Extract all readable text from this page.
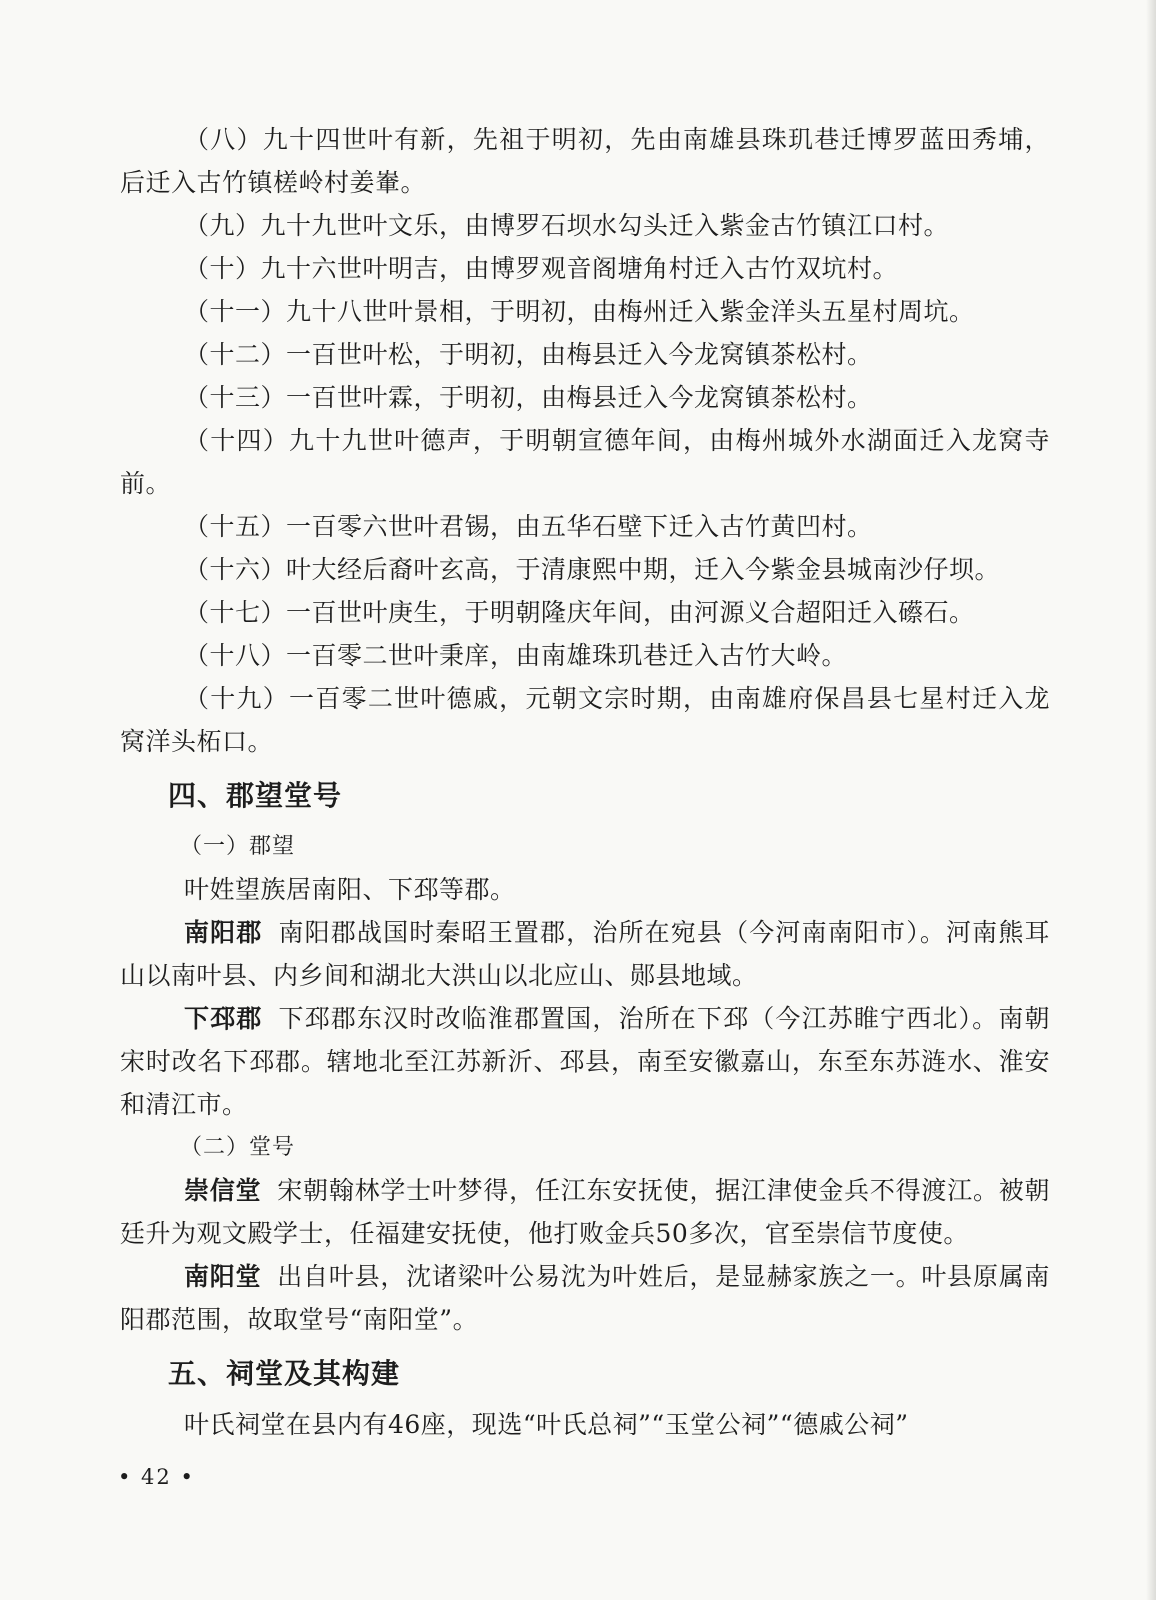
（八）九十四世叶有新，先祖于明初，先由南雄县珠玑巷迁博罗蓝田秀埔，后迁入古竹镇槎岭村姜輋。

（九）九十九世叶文乐，由博罗石坝水勾头迁入紫金古竹镇江口村。

（十）九十六世叶明吉，由博罗观音阁塘角村迁入古竹双坑村。

（十一）九十八世叶景相，于明初，由梅州迁入紫金洋头五星村周坑。

（十二）一百世叶松，于明初，由梅县迁入今龙窝镇茶松村。

（十三）一百世叶霖，于明初，由梅县迁入今龙窝镇茶松村。

（十四）九十九世叶德声，于明朝宣德年间，由梅州城外水湖面迁入龙窝寺前。

（十五）一百零六世叶君锡，由五华石壁下迁入古竹黄凹村。

（十六）叶大经后裔叶玄高，于清康熙中期，迁入今紫金县城南沙仔坝。

（十七）一百世叶庚生，于明朝隆庆年间，由河源义合超阳迁入礤石。

（十八）一百零二世叶秉庠，由南雄珠玑巷迁入古竹大岭。

（十九）一百零二世叶德戚，元朝文宗时期，由南雄府保昌县七星村迁入龙窝洋头柘口。

四、郡望堂号

（一）郡望

叶姓望族居南阳、下邳等郡。

南阳郡 南阳郡战国时秦昭王置郡，治所在宛县（今河南南阳市）。河南熊耳山以南叶县、内乡间和湖北大洪山以北应山、郧县地域。

下邳郡 下邳郡东汉时改临淮郡置国，治所在下邳（今江苏睢宁西北）。南朝宋时改名下邳郡。辖地北至江苏新沂、邳县，南至安徽嘉山，东至东苏涟水、淮安和清江市。

（二）堂号

崇信堂 宋朝翰林学士叶梦得，任江东安抚使，据江津使金兵不得渡江。被朝廷升为观文殿学士，任福建安抚使，他打败金兵50多次，官至崇信节度使。

南阳堂 出自叶县，沈诸梁叶公易沈为叶姓后，是显赫家族之一。叶县原属南阳郡范围，故取堂号“南阳堂”。

五、祠堂及其构建

叶氏祠堂在县内有46座，现选“叶氏总祠”“玉堂公祠”“德戚公祠”

• 42 •
